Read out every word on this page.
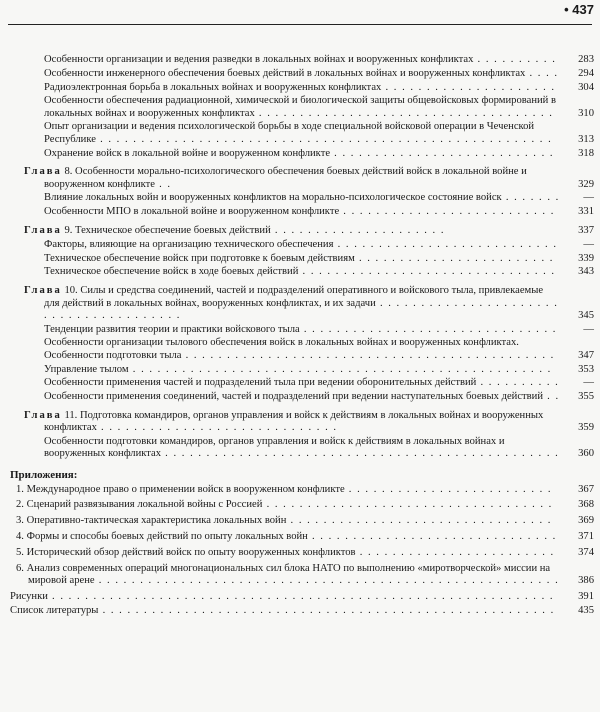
• 437
Особенности организации и ведения разведки в локальных войнах и вооруженных конфликтах . . . . . . . . . .	283
Особенности инженерного обеспечения боевых действий в локальных войнах и вооруженных конфликтах . . . .	294
Радиоэлектронная борьба в локальных войнах и вооруженных конфликтах . . . . . . . . . . . . . . . . . . . . .	304
Особенности обеспечения радиационной, химической и биологической защиты общевойсковых формирований в локальных войнах и вооруженных конфликтах . . . . . . . . . . . . . . . . . . . . . . . . . . . . . . . . . . . .	310
Опыт организации и ведения психологической борьбы в ходе специальной войсковой операции в Чеченской Республике . . . . . . . . . . . . . . . . . . . . . . . . . . . . . . . . . . . . . . . . . . . . . . . . . . . . . . .	313
Охранение войск в локальной войне и вооруженном конфликте . . . . . . . . . . . . . . . . . . . . . . . . . . .	318
Глава 8. Особенности морально-психологического обеспечения боевых действий войск в локальной войне и вооруженном конфликте . .	329
Влияние локальных войн и вооруженных конфликтов на морально-психологическое состояние войск . . . . . . .	—
Особенности МПО в локальной войне и вооруженном конфликте . . . . . . . . . . . . . . . . . . . . . . . . . .	331
Глава 9. Техническое обеспечение боевых действий . . . . . . . . . . . . . . . . . . . . .	337
Факторы, влияющие на организацию технического обеспечения . . . . . . . . . . . . . . . . . . . . . . . . . . .	—
Техническое обеспечение войск при подготовке к боевым действиям . . . . . . . . . . . . . . . . . . . . . . . .	339
Техническое обеспечение войск в ходе боевых действий . . . . . . . . . . . . . . . . . . . . . . . . . . . . . . .	343
Глава 10. Силы и средства соединений, частей и подразделений оперативного и войскового тыла, привлекаемые для действий в локальных войнах, вооруженных конфликтах, и их задачи . . . . . . . . . . . . . . . . . . . . . . . . . . . . . . . . . . . . . . .	345
Тенденции развития теории и практики войскового тыла . . . . . . . . . . . . . . . . . . . . . . . . . . . . . . .	—
Особенности организации тылового обеспечения войск в локальных войнах и вооруженных конфликтах. Особенности подготовки тыла . . . . . . . . . . . . . . . . . . . . . . . . . . . . . . . . . . . . . . . . . . . . .	347
Управление тылом . . . . . . . . . . . . . . . . . . . . . . . . . . . . . . . . . . . . . . . . . . . . . . . . . . .	353
Особенности применения частей и подразделений тыла при ведении оборонительных действий . . . . . . . . . .	—
Особенности применения соединений, частей и подразделений при ведении наступательных боевых действий . .	355
Глава 11. Подготовка командиров, органов управления и войск к действиям в локальных войнах и вооруженных конфликтах . . . . . . . . . . . . . . . . . . . . . . . . . . . . .	359
Особенности подготовки командиров, органов управления и войск к действиям в локальных войнах и вооруженных конфликтах . . . . . . . . . . . . . . . . . . . . . . . . . . . . . . . . . . . . . . . . . . . . . . . .	360
Приложения:
1. Международное право о применении войск в вооруженном конфликте . . . . . . . . . . . . . . . . . . . . . . . . .	367
2. Сценарий развязывания локальной войны с Россией . . . . . . . . . . . . . . . . . . . . . . . . . . . . . . . . . . .	368
3. Оперативно-тактическая характеристика локальных войн . . . . . . . . . . . . . . . . . . . . . . . . . . . . . . . .	369
4. Формы и способы боевых действий по опыту локальных войн . . . . . . . . . . . . . . . . . . . . . . . . . . . . . .	371
5. Исторический обзор действий войск по опыту вооруженных конфликтов . . . . . . . . . . . . . . . . . . . . . . . .	374
6. Анализ современных операций многонациональных сил блока НАТО по выполнению «миротворческой» миссии на мировой арене . . . . . . . . . . . . . . . . . . . . . . . . . . . . . . . . . . . . . . . . . . . . . . . . . . . . . . . .	386
Рисунки . . . . . . . . . . . . . . . . . . . . . . . . . . . . . . . . . . . . . . . . . . . . . . . . . . . . . . . . . . . . .	391
Список литературы . . . . . . . . . . . . . . . . . . . . . . . . . . . . . . . . . . . . . . . . . . . . . . . . . . . . . . .	435
